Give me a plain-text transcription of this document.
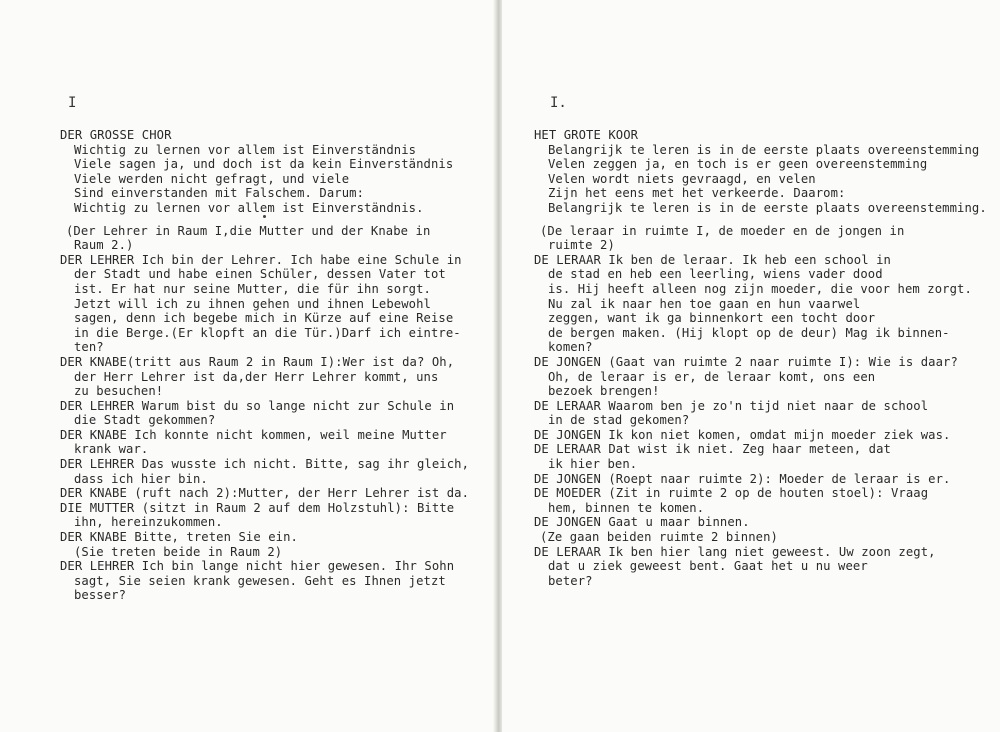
I
DER GROSSE CHOR
Wichtig zu lernen vor allem ist Einverständnis
Viele sagen ja, und doch ist da kein Einverständnis
Viele werden nicht gefragt, und viele
Sind einverstanden mit Falschem. Darum:
Wichtig zu lernen vor allem ist Einverständnis.
(Der Lehrer in Raum I,die Mutter und der Knabe in
Raum 2.)
DER LEHRER Ich bin der Lehrer. Ich habe eine Schule in
der Stadt und habe einen Schüler, dessen Vater tot
ist. Er hat nur seine Mutter, die für ihn sorgt.
Jetzt will ich zu ihnen gehen und ihnen Lebewohl
sagen, denn ich begebe mich in Kürze auf eine Reise
in die Berge.(Er klopft an die Tür.)Darf ich eintre-
ten?
DER KNABE(tritt aus Raum 2 in Raum I):Wer ist da? Oh,
der Herr Lehrer ist da,der Herr Lehrer kommt, uns
zu besuchen!
DER LEHRER Warum bist du so lange nicht zur Schule in
die Stadt gekommen?
DER KNABE Ich konnte nicht kommen, weil meine Mutter
krank war.
DER LEHRER Das wusste ich nicht. Bitte, sag ihr gleich,
dass ich hier bin.
DER KNABE (ruft nach 2):Mutter, der Herr Lehrer ist da.
DIE MUTTER (sitzt in Raum 2 auf dem Holzstuhl): Bitte
ihn, hereinzukommen.
DER KNABE Bitte, treten Sie ein.
(Sie treten beide in Raum 2)
DER LEHRER Ich bin lange nicht hier gewesen. Ihr Sohn
sagt, Sie seien krank gewesen. Geht es Ihnen jetzt
besser?
I.
HET GROTE KOOR
Belangrijk te leren is in de eerste plaats overeenstemming
Velen zeggen ja, en toch is er geen overeenstemming
Velen wordt niets gevraagd, en velen
Zijn het eens met het verkeerde. Daarom:
Belangrijk te leren is in de eerste plaats overeenstemming.
(De leraar in ruimte I, de moeder en de jongen in
ruimte 2)
DE LERAAR Ik ben de leraar. Ik heb een school in
de stad en heb een leerling, wiens vader dood
is. Hij heeft alleen nog zijn moeder, die voor hem zorgt.
Nu zal ik naar hen toe gaan en hun vaarwel
zeggen, want ik ga binnenkort een tocht door
de bergen maken. (Hij klopt op de deur) Mag ik binnen-
komen?
DE JONGEN (Gaat van ruimte 2 naar ruimte I): Wie is daar?
Oh, de leraar is er, de leraar komt, ons een
bezoek brengen!
DE LERAAR Waarom ben je zo'n tijd niet naar de school
in de stad gekomen?
DE JONGEN Ik kon niet komen, omdat mijn moeder ziek was.
DE LERAAR Dat wist ik niet. Zeg haar meteen, dat
ik hier ben.
DE JONGEN (Roept naar ruimte 2): Moeder de leraar is er.
DE MOEDER (Zit in ruimte 2 op de houten stoel): Vraag
hem, binnen te komen.
DE JONGEN Gaat u maar binnen.
(Ze gaan beiden ruimte 2 binnen)
DE LERAAR Ik ben hier lang niet geweest. Uw zoon zegt,
dat u ziek geweest bent. Gaat het u nu weer
beter?
